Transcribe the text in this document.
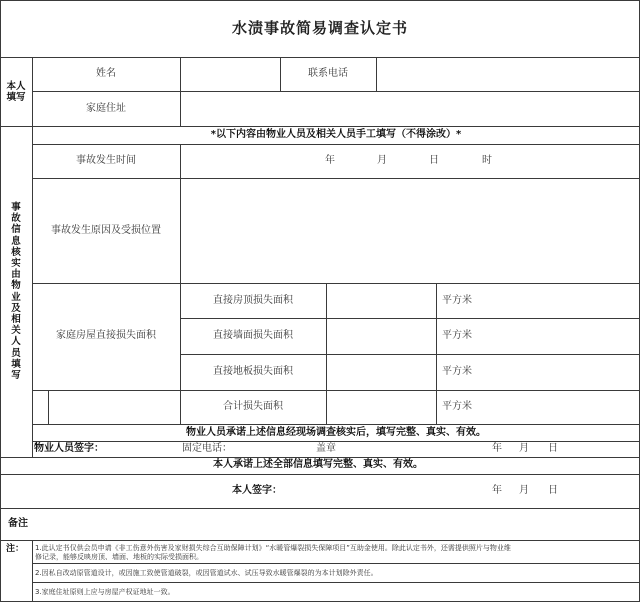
水渍事故简易调查认定书
本人
填写
姓名	联系电话
家庭住址
事
故
信
息
核
实
由
物
业
及
相
关
人
员
填
写
*以下内容由物业人员及相关人员手工填写（不得涂改）*
事故发生时间	年	月	日	时
事故发生原因及受损位置
家庭房屋直接损失面积
直接房顶损失面积	平方米
直接墙面损失面积	平方米
直接地板损失面积	平方米
合计损失面积	平方米
物业人员承诺上述信息经现场调查核实后，填写完整、真实、有效。
物业人员签字：	固定电话：	盖章	年 月 日
本人承诺上述全部信息填写完整、真实、有效。
本人签字：	年 月 日
备注
注： 1.此认定书仅供会员申请《非工伤意外伤害及家财损失综合互助保障计划》“水暖管爆裂损失保障项目”互助金使用。除此认定书外，还需提供照片与物业维
修记录，能够反映房顶、墙面、地板的实际受损面积。
2.因私自改动原管道设计，或因施工致使管道破裂，或因管道试水、试压导致水暖管爆裂的为本计划除外责任。
3.家庭住址原则上应与房屋产权证地址一致。
